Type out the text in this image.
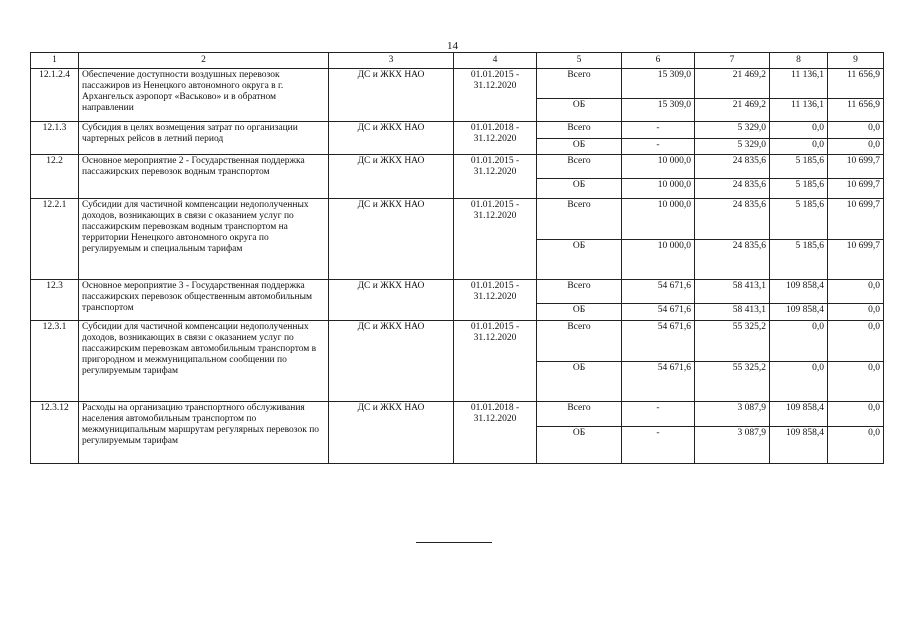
14
1	2	3	4	5	6	7	8	9
12.1.2.4	Обеспечение доступности воздушных перевозок пассажиров из Ненецкого автономного округа в г. Архангельск аэропорт «Васьково» и в обратном направлении	ДС и ЖКХ НАО	01.01.2015 - 31.12.2020	Всего	15 309,0	21 469,2	11 136,1	11 656,9
				ОБ	15 309,0	21 469,2	11 136,1	11 656,9
12.1.3	Субсидия в целях возмещения затрат по организации чартерных рейсов в летний период	ДС и ЖКХ НАО	01.01.2018 - 31.12.2020	Всего	-	5 329,0	0,0	0,0
				ОБ	-	5 329,0	0,0	0,0
12.2	Основное мероприятие 2 - Государственная поддержка пассажирских перевозок водным транспортом	ДС и ЖКХ НАО	01.01.2015 - 31.12.2020	Всего	10 000,0	24 835,6	5 185,6	10 699,7
				ОБ	10 000,0	24 835,6	5 185,6	10 699,7
12.2.1	Субсидии для частичной компенсации недополученных доходов, возникающих в связи с оказанием услуг по пассажирским перевозкам водным транспортом на территории Ненецкого автономного округа по регулируемым и специальным тарифам	ДС и ЖКХ НАО	01.01.2015 - 31.12.2020	Всего	10 000,0	24 835,6	5 185,6	10 699,7
				ОБ	10 000,0	24 835,6	5 185,6	10 699,7
12.3	Основное мероприятие 3 - Государственная поддержка пассажирских перевозок общественным автомобильным транспортом	ДС и ЖКХ НАО	01.01.2015 - 31.12.2020	Всего	54 671,6	58 413,1	109 858,4	0,0
				ОБ	54 671,6	58 413,1	109 858,4	0,0
12.3.1	Субсидии для частичной компенсации недополученных доходов, возникающих в связи с оказанием услуг по пассажирским перевозкам автомобильным транспортом в пригородном и межмуниципальном сообщении по регулируемым тарифам	ДС и ЖКХ НАО	01.01.2015 - 31.12.2020	Всего	54 671,6	55 325,2	0,0	0,0
				ОБ	54 671,6	55 325,2	0,0	0,0
12.3.12	Расходы на организацию транспортного обслуживания населения автомобильным транспортом по межмуниципальным маршрутам регулярных перевозок по регулируемым тарифам	ДС и ЖКХ НАО	01.01.2018 - 31.12.2020	Всего	-	3 087,9	109 858,4	0,0
				ОБ	-	3 087,9	109 858,4	0,0
